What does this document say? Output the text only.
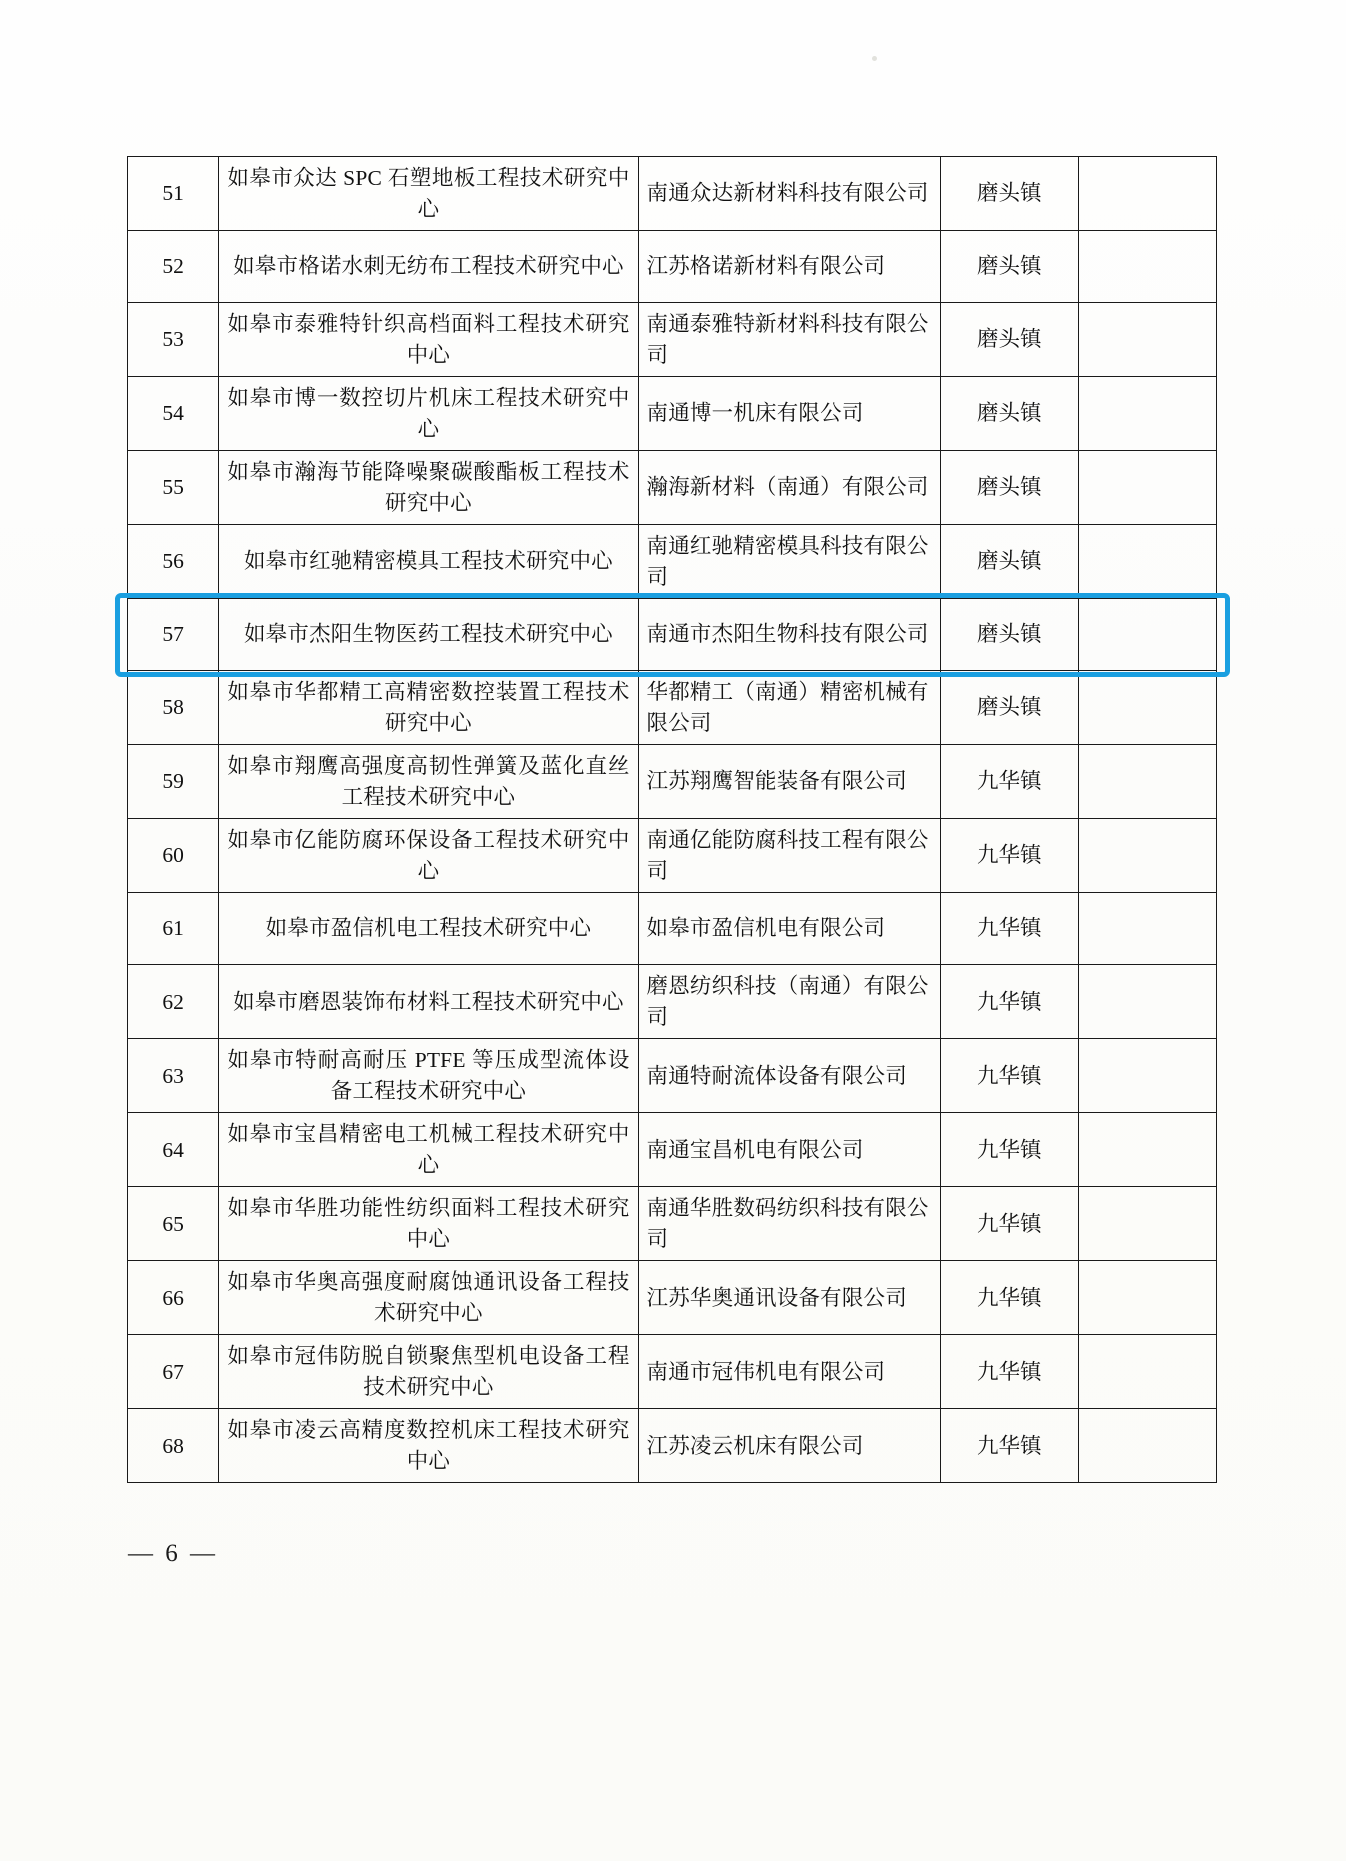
51	如皋市众达 SPC 石塑地板工程技术研究中心	南通众达新材料科技有限公司	磨头镇	
52	如皋市格诺水刺无纺布工程技术研究中心	江苏格诺新材料有限公司	磨头镇	
53	如皋市泰雅特针织高档面料工程技术研究中心	南通泰雅特新材料科技有限公司	磨头镇	
54	如皋市博一数控切片机床工程技术研究中心	南通博一机床有限公司	磨头镇	
55	如皋市瀚海节能降噪聚碳酸酯板工程技术研究中心	瀚海新材料（南通）有限公司	磨头镇	
56	如皋市红驰精密模具工程技术研究中心	南通红驰精密模具科技有限公司	磨头镇	
57	如皋市杰阳生物医药工程技术研究中心	南通市杰阳生物科技有限公司	磨头镇	
58	如皋市华都精工高精密数控装置工程技术研究中心	华都精工（南通）精密机械有限公司	磨头镇	
59	如皋市翔鹰高强度高韧性弹簧及蓝化直丝工程技术研究中心	江苏翔鹰智能装备有限公司	九华镇	
60	如皋市亿能防腐环保设备工程技术研究中心	南通亿能防腐科技工程有限公司	九华镇	
61	如皋市盈信机电工程技术研究中心	如皋市盈信机电有限公司	九华镇	
62	如皋市磨恩装饰布材料工程技术研究中心	磨恩纺织科技（南通）有限公司	九华镇	
63	如皋市特耐高耐压 PTFE 等压成型流体设备工程技术研究中心	南通特耐流体设备有限公司	九华镇	
64	如皋市宝昌精密电工机械工程技术研究中心	南通宝昌机电有限公司	九华镇	
65	如皋市华胜功能性纺织面料工程技术研究中心	南通华胜数码纺织科技有限公司	九华镇	
66	如皋市华奥高强度耐腐蚀通讯设备工程技术研究中心	江苏华奥通讯设备有限公司	九华镇	
67	如皋市冠伟防脱自锁聚焦型机电设备工程技术研究中心	南通市冠伟机电有限公司	九华镇	
68	如皋市凌云高精度数控机床工程技术研究中心	江苏凌云机床有限公司	九华镇	
— 6 —
